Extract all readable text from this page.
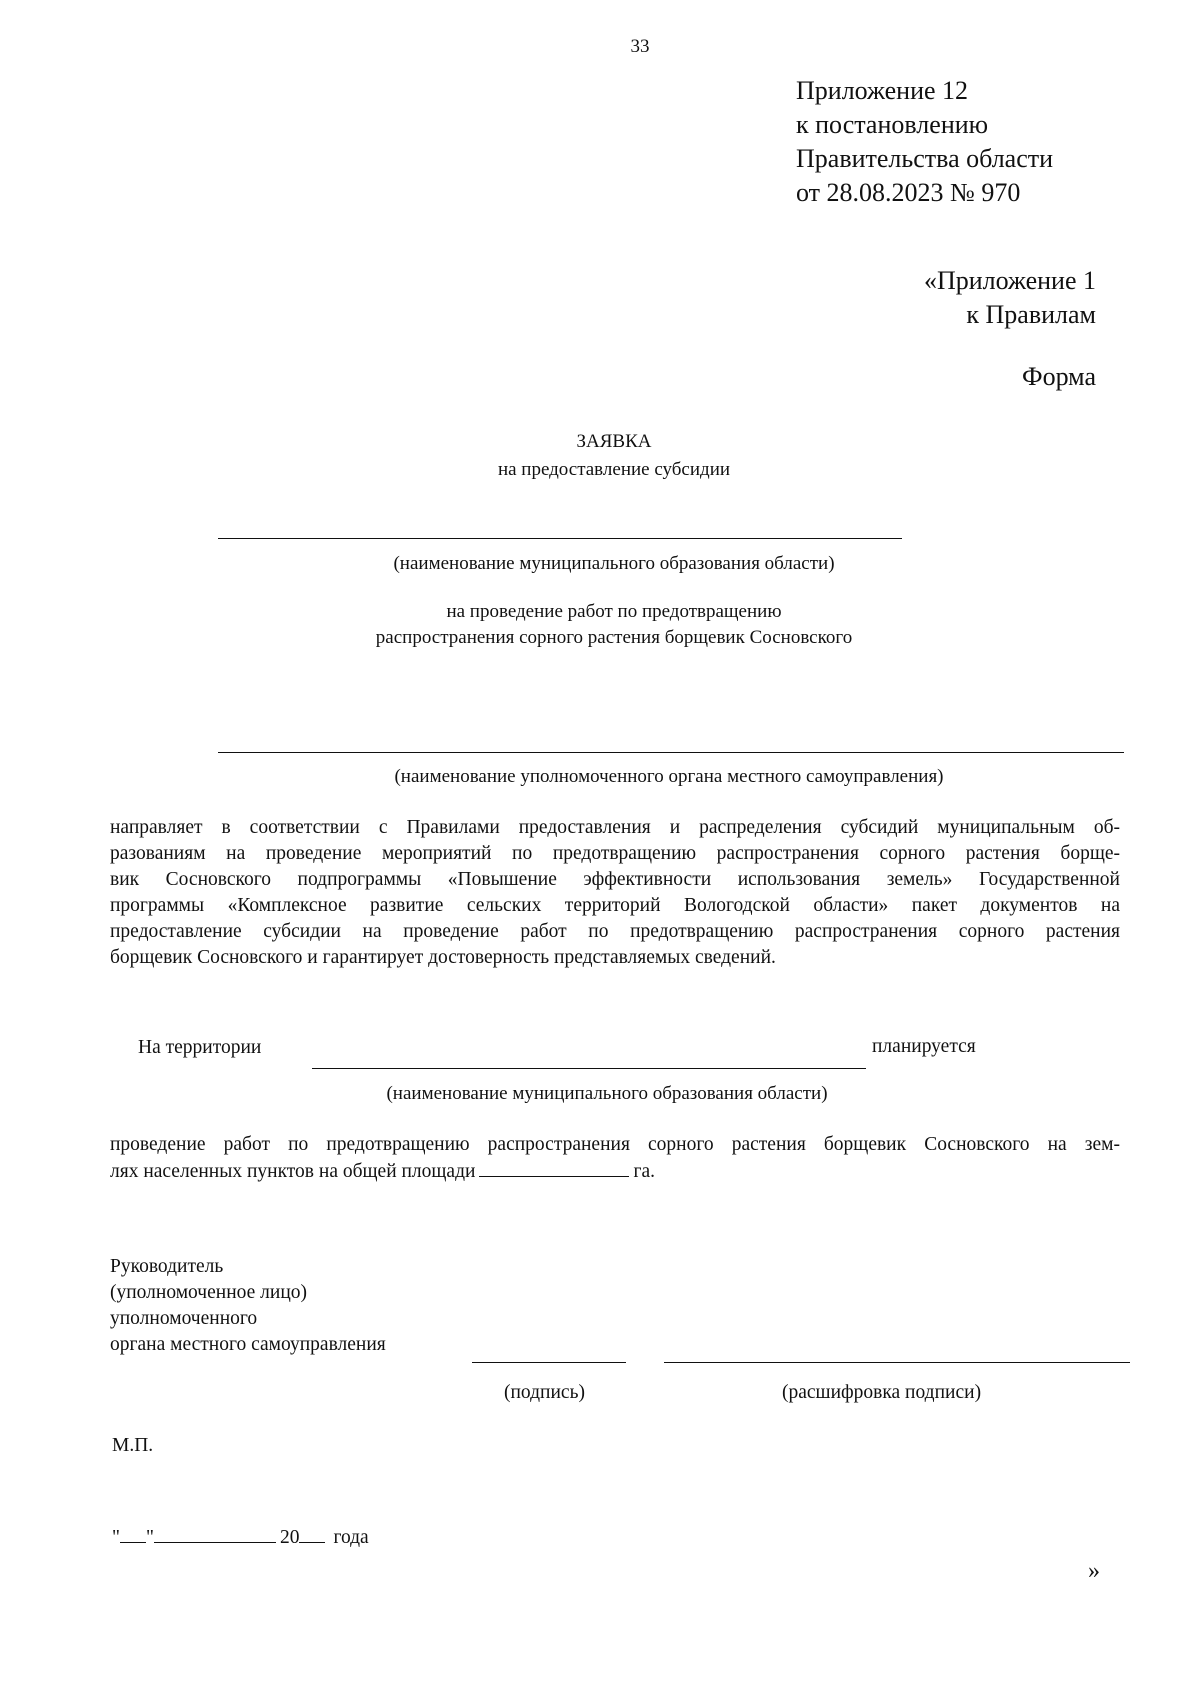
33
Приложение 12
к постановлению
Правительства области
от 28.08.2023 № 970
«Приложение 1
к Правилам
Форма
ЗАЯВКА
на предоставление субсидии
(наименование муниципального образования области)
на проведение работ по предотвращению
распространения сорного растения борщевик Сосновского
(наименование уполномоченного органа местного самоуправления)
направляет в соответствии с Правилами предоставления и распределения субсидий муниципальным об-
разованиям на проведение мероприятий по предотвращению распространения сорного растения борще-
вик Сосновского подпрограммы «Повышение эффективности использования земель» Государственной
программы «Комплексное развитие сельских территорий Вологодской области» пакет документов на
предоставление субсидии на проведение работ по предотвращению распространения сорного растения
борщевик Сосновского и гарантирует достоверность представляемых сведений.
На территории	планируется
(наименование муниципального образования области)
проведение работ по предотвращению распространения сорного растения борщевик Сосновского на зем-
лях населенных пунктов на общей площади	га.
Руководитель
(уполномоченное лицо)
уполномоченного
органа местного самоуправления
(подпись)	(расшифровка подписи)
М.П.
" "	20 года
»
